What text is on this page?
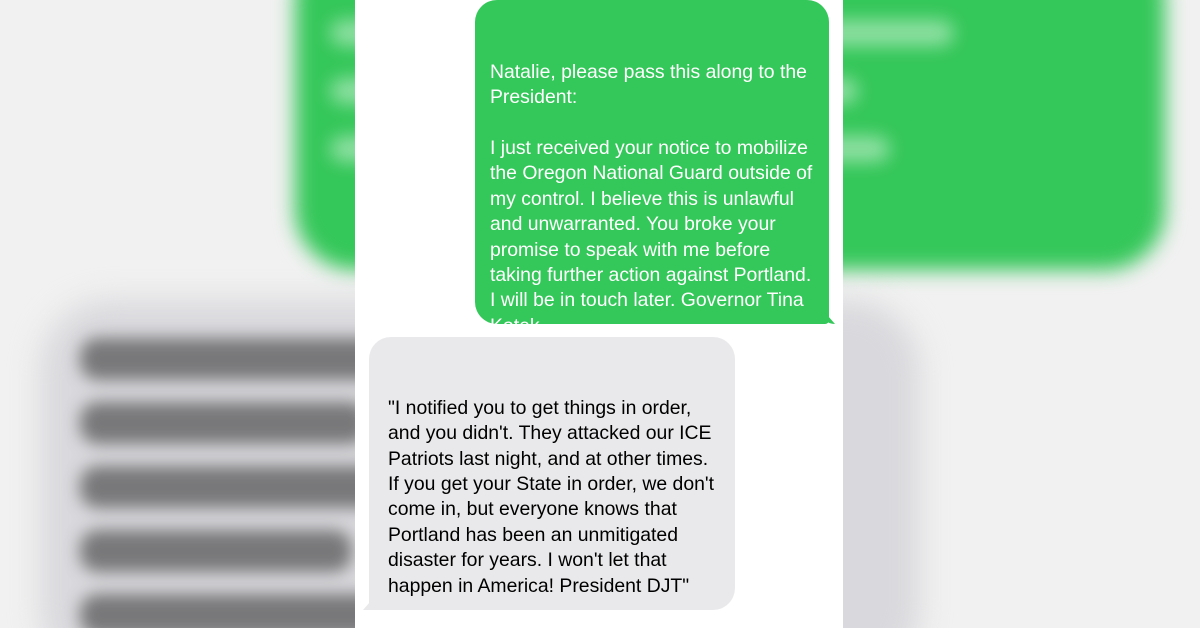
Natalie, please pass this along to the President:

I just received your notice to mobilize the Oregon National Guard outside of my control. I believe this is unlawful and unwarranted. You broke your promise to speak with me before taking further action against Portland. I will be in touch later. Governor Tina Kotek

"I notified you to get things in order, and you didn't. They attacked our ICE Patriots last night, and at other times. If you get your State in order, we don't come in, but everyone knows that Portland has been an unmitigated disaster for years. I won't let that happen in America! President DJT"
